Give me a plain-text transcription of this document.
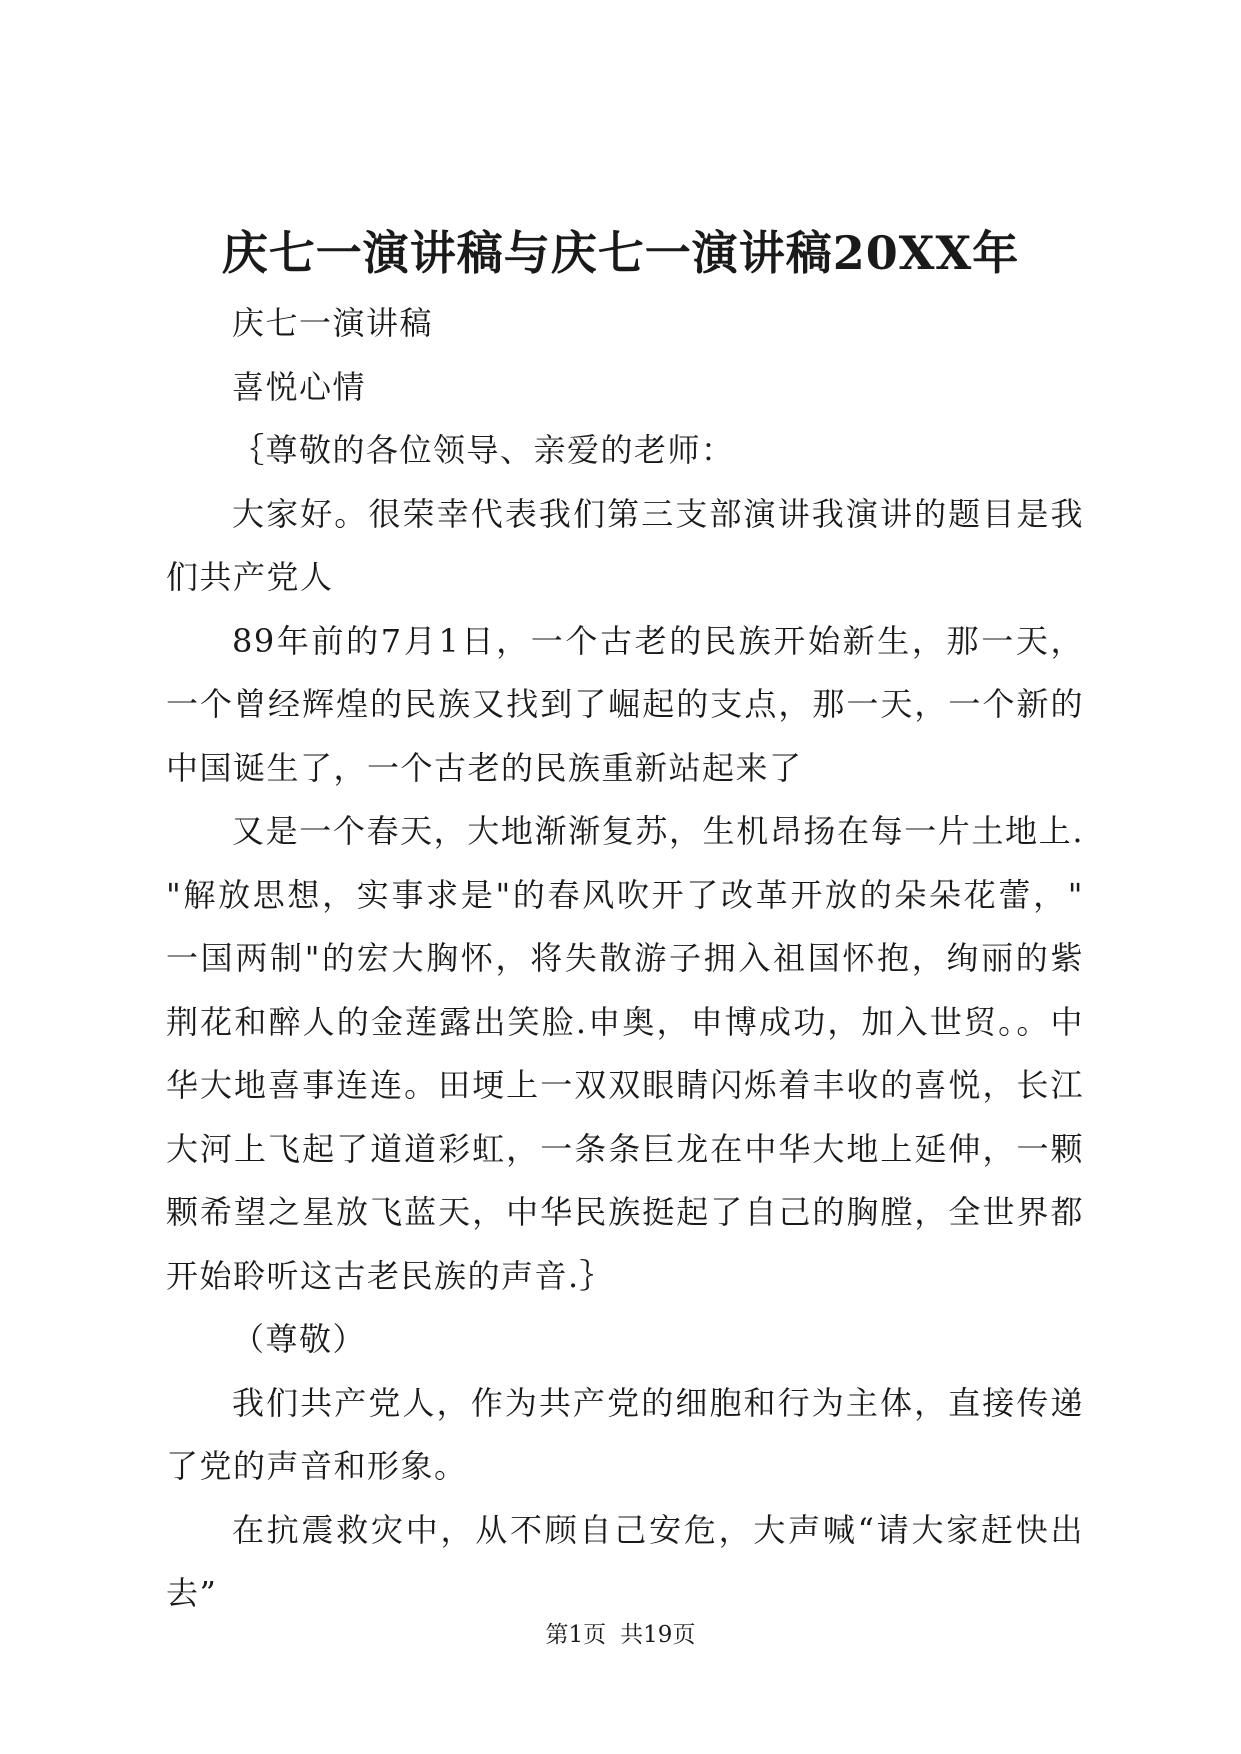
庆七一演讲稿与庆七一演讲稿20XX年

庆七一演讲稿

喜悦心情

｛尊敬的各位领导、亲爱的老师：

大家好。很荣幸代表我们第三支部演讲我演讲的题目是我们共产党人

89年前的7月1日，一个古老的民族开始新生，那一天，一个曾经辉煌的民族又找到了崛起的支点，那一天，一个新的中国诞生了，一个古老的民族重新站起来了

又是一个春天，大地渐渐复苏，生机昂扬在每一片土地上."解放思想，实事求是"的春风吹开了改革开放的朵朵花蕾，"一国两制"的宏大胸怀，将失散游子拥入祖国怀抱，绚丽的紫荆花和醉人的金莲露出笑脸.申奥，申博成功，加入世贸。。中华大地喜事连连。田埂上一双双眼睛闪烁着丰收的喜悦，长江大河上飞起了道道彩虹，一条条巨龙在中华大地上延伸，一颗颗希望之星放飞蓝天，中华民族挺起了自己的胸膛，全世界都开始聆听这古老民族的声音.｝

（尊敬）

我们共产党人，作为共产党的细胞和行为主体，直接传递了党的声音和形象。

在抗震救灾中，从不顾自己安危，大声喊“请大家赶快出去”

第1页 共19页
